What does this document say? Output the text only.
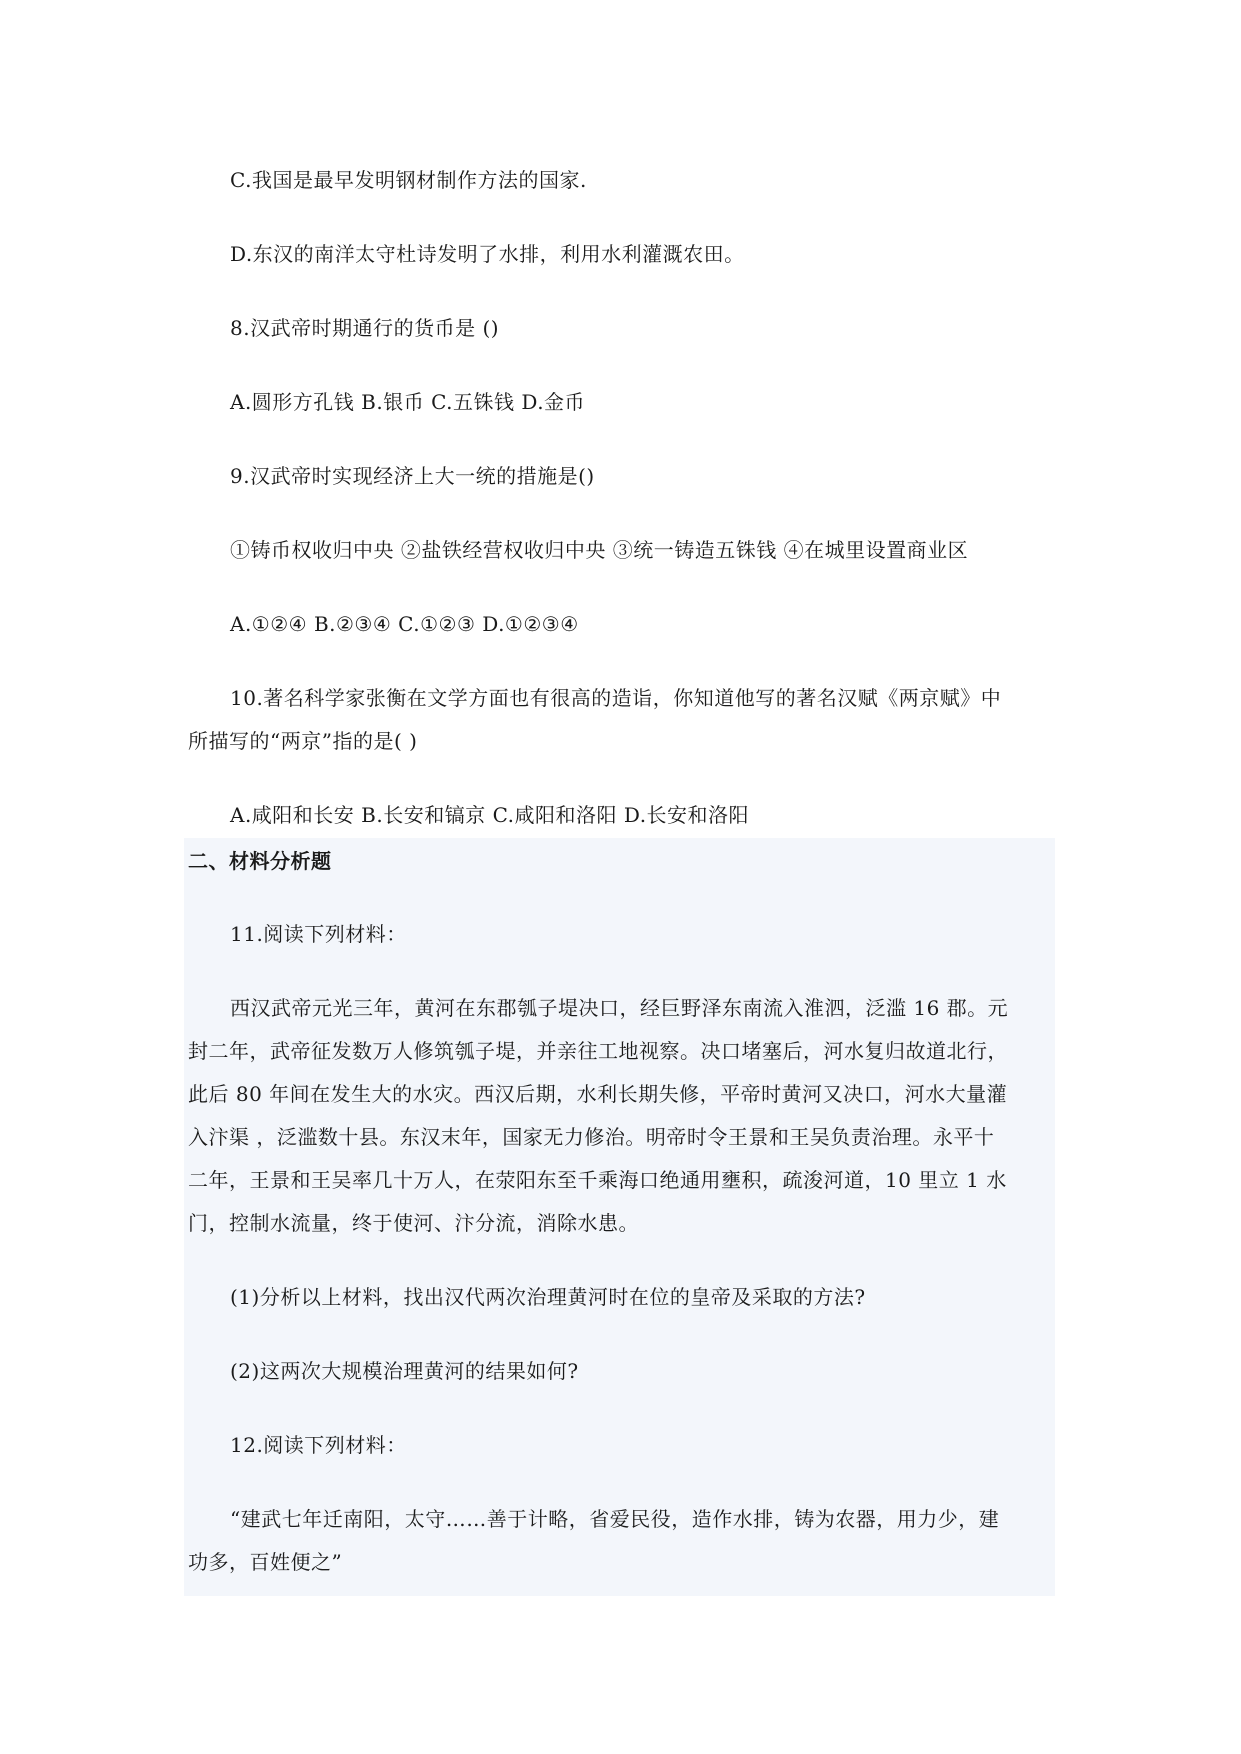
C.我国是最早发明钢材制作方法的国家.
D.东汉的南洋太守杜诗发明了水排，利用水利灌溉农田。
8.汉武帝时期通行的货币是 ()
A.圆形方孔钱 B.银币 C.五铢钱 D.金币
9.汉武帝时实现经济上大一统的措施是()
①铸币权收归中央 ②盐铁经营权收归中央 ③统一铸造五铢钱 ④在城里设置商业区
A.①②④ B.②③④ C.①②③ D.①②③④
10.著名科学家张衡在文学方面也有很高的造诣，你知道他写的著名汉赋《两京赋》中
所描写的“两京”指的是( )
A.咸阳和长安 B.长安和镐京 C.咸阳和洛阳 D.长安和洛阳
二、材料分析题
11.阅读下列材料：
西汉武帝元光三年，黄河在东郡瓠子堤决口，经巨野泽东南流入淮泗，泛滥 16 郡。元
封二年，武帝征发数万人修筑瓠子堤，并亲往工地视察。决口堵塞后，河水复归故道北行，
此后 80 年间在发生大的水灾。西汉后期，水利长期失修，平帝时黄河又决口，河水大量灌
入汴渠 ，泛滥数十县。东汉末年，国家无力修治。明帝时令王景和王吴负责治理。永平十
二年，王景和王吴率几十万人，在荥阳东至千乘海口绝通用壅积，疏浚河道，10 里立 1 水
门，控制水流量，终于使河、汴分流，消除水患。
(1)分析以上材料，找出汉代两次治理黄河时在位的皇帝及采取的方法?
(2)这两次大规模治理黄河的结果如何?
12.阅读下列材料：
“建武七年迁南阳，太守……善于计略，省爱民役，造作水排，铸为农器，用力少，建
功多，百姓便之”
